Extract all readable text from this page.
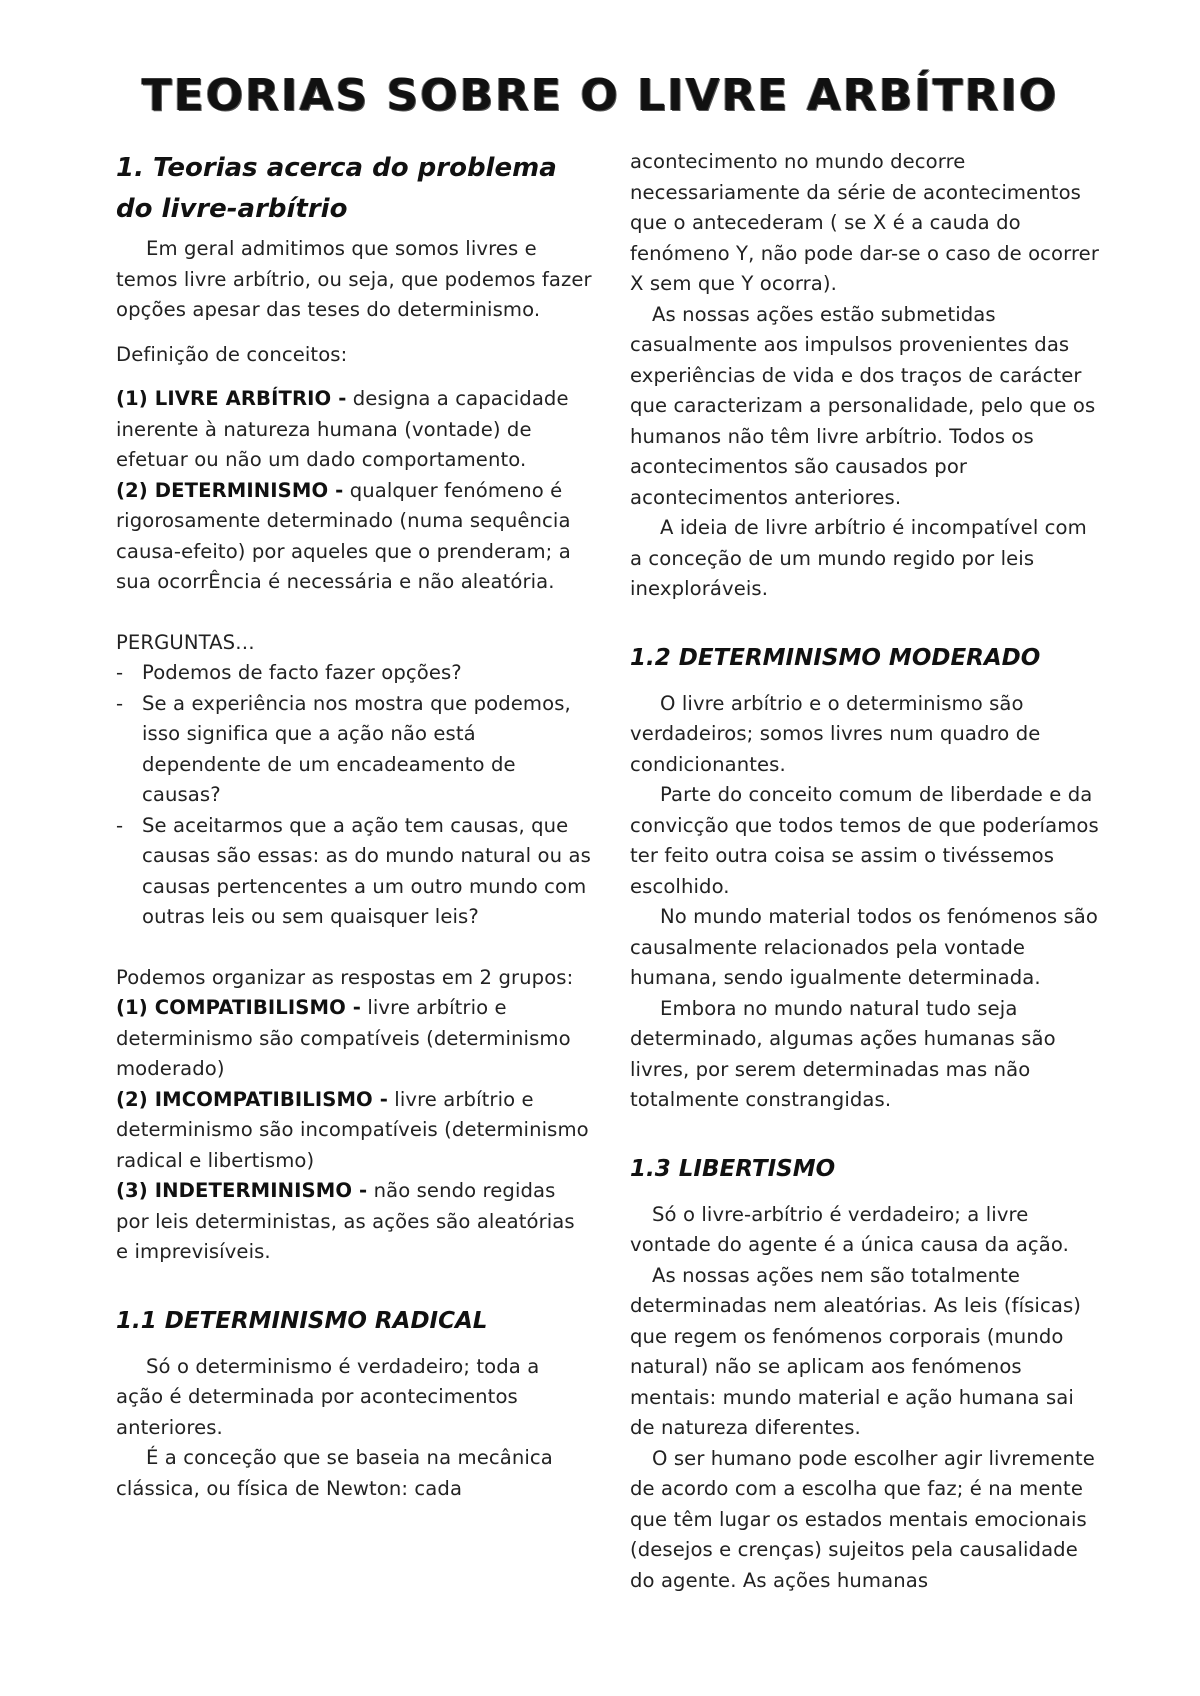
TEORIAS SOBRE O LIVRE ARBÍTRIO

1. Teorias acerca do problema do livre-arbítrio

Em geral admitimos que somos livres e temos livre arbítrio, ou seja, que podemos fazer opções apesar das teses do determinismo.

Definição de conceitos:

(1) LIVRE ARBÍTRIO - designa a capacidade inerente à natureza humana (vontade) de efetuar ou não um dado comportamento.

(2) DETERMINISMO - qualquer fenómeno é rigorosamente determinado (numa sequência causa-efeito) por aqueles que o prenderam; a sua ocorrÊncia é necessária e não aleatória.

PERGUNTAS…

- Podemos de facto fazer opções?
- Se a experiência nos mostra que podemos, isso significa que a ação não está dependente de um encadeamento de causas?
- Se aceitarmos que a ação tem causas, que causas são essas: as do mundo natural ou as causas pertencentes a um outro mundo com outras leis ou sem quaisquer leis?

Podemos organizar as respostas em 2 grupos:

(1) COMPATIBILISMO - livre arbítrio e determinismo são compatíveis (determinismo moderado)

(2) IMCOMPATIBILISMO - livre arbítrio e determinismo são incompatíveis (determinismo radical e libertismo)

(3) INDETERMINISMO - não sendo regidas por leis deterministas, as ações são aleatórias e imprevisíveis.

1.1 DETERMINISMO RADICAL

Só o determinismo é verdadeiro; toda a ação é determinada por acontecimentos anteriores.

É a conceção que se baseia na mecânica clássica, ou física de Newton: cada

acontecimento no mundo decorre necessariamente da série de acontecimentos que o antecederam ( se X é a cauda do fenómeno Y, não pode dar-se o caso de ocorrer X sem que Y ocorra).

As nossas ações estão submetidas casualmente aos impulsos provenientes das experiências de vida e dos traços de carácter que caracterizam a personalidade, pelo que os humanos não têm livre arbítrio. Todos os acontecimentos são causados por acontecimentos anteriores.

A ideia de livre arbítrio é incompatível com a conceção de um mundo regido por leis inexploráveis.

1.2 DETERMINISMO MODERADO

O livre arbítrio e o determinismo são verdadeiros; somos livres num quadro de condicionantes.

Parte do conceito comum de liberdade e da convicção que todos temos de que poderíamos ter feito outra coisa se assim o tivéssemos escolhido.

No mundo material todos os fenómenos são causalmente relacionados pela vontade humana, sendo igualmente determinada.

Embora no mundo natural tudo seja determinado, algumas ações humanas são livres, por serem determinadas mas não totalmente constrangidas.

1.3 LIBERTISMO

Só o livre-arbítrio é verdadeiro; a livre vontade do agente é a única causa da ação.

As nossas ações nem são totalmente determinadas nem aleatórias. As leis (físicas) que regem os fenómenos corporais (mundo natural) não se aplicam aos fenómenos mentais: mundo material e ação humana sai de natureza diferentes.

O ser humano pode escolher agir livremente de acordo com a escolha que faz; é na mente que têm lugar os estados mentais emocionais (desejos e crenças) sujeitos pela causalidade do agente. As ações humanas
